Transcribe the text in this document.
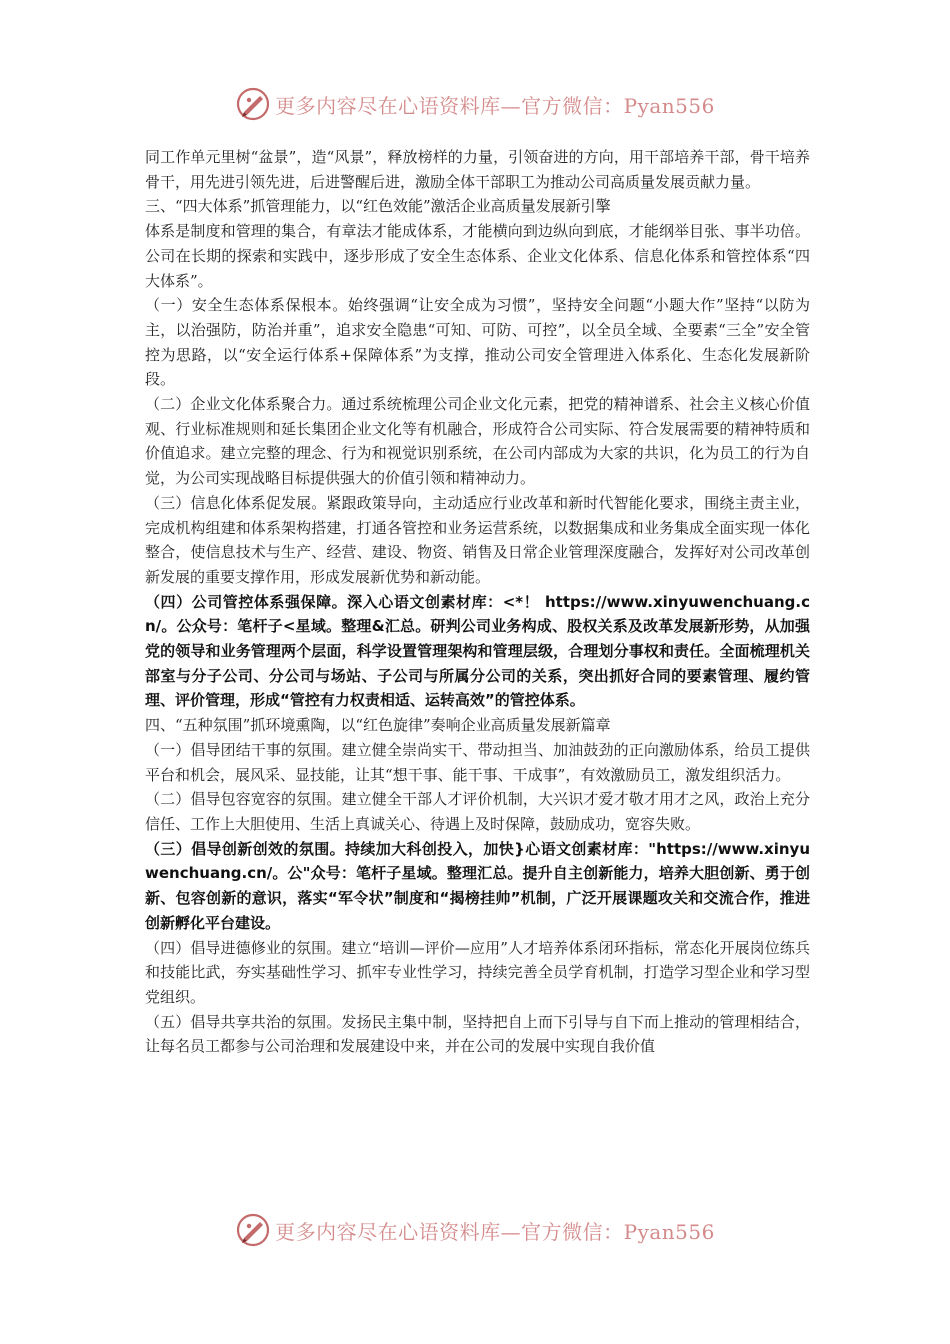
更多内容尽在心语资料库—官方微信：Pyan556

同工作单元里树“盆景”，造“风景”，释放榜样的力量，引领奋进的方向，用干部培养干部，骨干培养骨干，用先进引领先进，后进警醒后进，激励全体干部职工为推动公司高质量发展贡献力量。

三、“四大体系”抓管理能力，以“红色效能”激活企业高质量发展新引擎

体系是制度和管理的集合，有章法才能成体系，才能横向到边纵向到底，才能纲举目张、事半功倍。公司在长期的探索和实践中，逐步形成了安全生态体系、企业文化体系、信息化体系和管控体系“四大体系”。

（一）安全生态体系保根本。始终强调“让安全成为习惯”，坚持安全问题“小题大作”坚持“以防为主，以治强防，防治并重”，追求安全隐患“可知、可防、可控”，以全员全域、全要素“三全”安全管控为思路，以“安全运行体系+保障体系”为支撑，推动公司安全管理进入体系化、生态化发展新阶段。

（二）企业文化体系聚合力。通过系统梳理公司企业文化元素，把党的精神谱系、社会主义核心价值观、行业标准规则和延长集团企业文化等有机融合，形成符合公司实际、符合发展需要的精神特质和价值追求。建立完整的理念、行为和视觉识别系统，在公司内部成为大家的共识，化为员工的行为自觉，为公司实现战略目标提供强大的价值引领和精神动力。

（三）信息化体系促发展。紧跟政策导向，主动适应行业改革和新时代智能化要求，围绕主责主业，完成机构组建和体系架构搭建，打通各管控和业务运营系统，以数据集成和业务集成全面实现一体化整合，使信息技术与生产、经营、建设、物资、销售及日常企业管理深度融合，发挥好对公司改革创新发展的重要支撑作用，形成发展新优势和新动能。

（四）公司管控体系强保障。深入心语文创素材库：<*！ https://www.xinyuwenchuang.cn/。公众号：笔杆子<星域。整理&汇总。研判公司业务构成、股权关系及改革发展新形势，从加强党的领导和业务管理两个层面，科学设置管理架构和管理层级，合理划分事权和责任。全面梳理机关部室与分子公司、分公司与场站、子公司与所属分公司的关系，突出抓好合同的要素管理、履约管理、评价管理，形成“管控有力权责相适、运转高效”的管控体系。

四、“五种氛围”抓环境熏陶，以“红色旋律”奏响企业高质量发展新篇章

（一）倡导团结干事的氛围。建立健全崇尚实干、带动担当、加油鼓劲的正向激励体系，给员工提供平台和机会，展风采、显技能，让其“想干事、能干事、干成事”，有效激励员工，激发组织活力。

（二）倡导包容宽容的氛围。建立健全干部人才评价机制，大兴识才爱才敬才用才之风，政治上充分信任、工作上大胆使用、生活上真诚关心、待遇上及时保障，鼓励成功，宽容失败。

（三）倡导创新创效的氛围。持续加大科创投入，加快}心语文创素材库："https://www.xinyuwenchuang.cn/。公"众号：笔杆子星域。整理汇总。提升自主创新能力，培养大胆创新、勇于创新、包容创新的意识，落实“军令状”制度和“揭榜挂帅”机制，广泛开展课题攻关和交流合作，推进创新孵化平台建设。

（四）倡导进德修业的氛围。建立“培训—评价—应用”人才培养体系闭环指标，常态化开展岗位练兵和技能比武，夯实基础性学习、抓牢专业性学习，持续完善全员学育机制，打造学习型企业和学习型党组织。

（五）倡导共享共治的氛围。发扬民主集中制，坚持把自上而下引导与自下而上推动的管理相结合，让每名员工都参与公司治理和发展建设中来，并在公司的发展中实现自我价值

更多内容尽在心语资料库—官方微信：Pyan556
